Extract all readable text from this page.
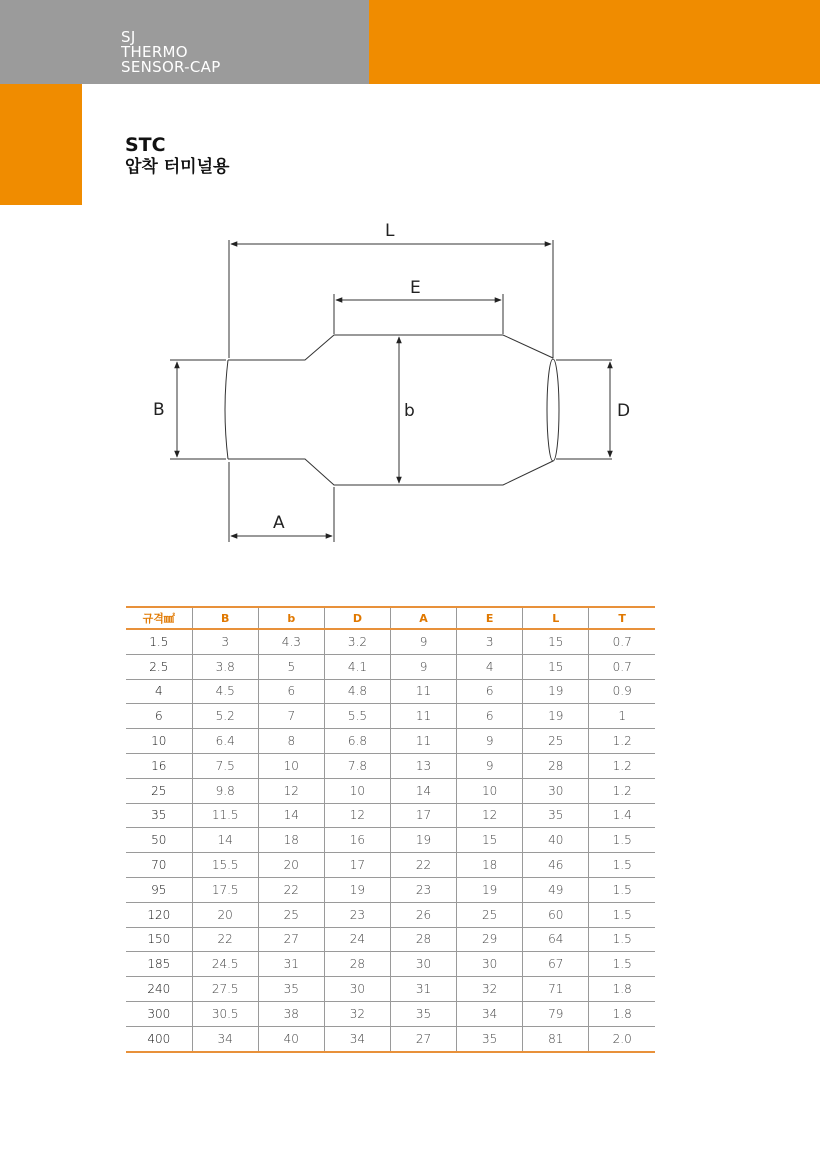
SJ
THERMO
SENSOR-CAP
STC
압착 터미널용
L
E
B	b	D
A
규격㎟	B	b	D	A	E	L	T
1.5	3	4.3	3.2	9	3	15	0.7
2.5	3.8	5	4.1	9	4	15	0.7
4	4.5	6	4.8	11	6	19	0.9
6	5.2	7	5.5	11	6	19	1
10	6.4	8	6.8	11	9	25	1.2
16	7.5	10	7.8	13	9	28	1.2
25	9.8	12	10	14	10	30	1.2
35	11.5	14	12	17	12	35	1.4
50	14	18	16	19	15	40	1.5
70	15.5	20	17	22	18	46	1.5
95	17.5	22	19	23	19	49	1.5
120	20	25	23	26	25	60	1.5
150	22	27	24	28	29	64	1.5
185	24.5	31	28	30	30	67	1.5
240	27.5	35	30	31	32	71	1.8
300	30.5	38	32	35	34	79	1.8
400	34	40	34	27	35	81	2.0
